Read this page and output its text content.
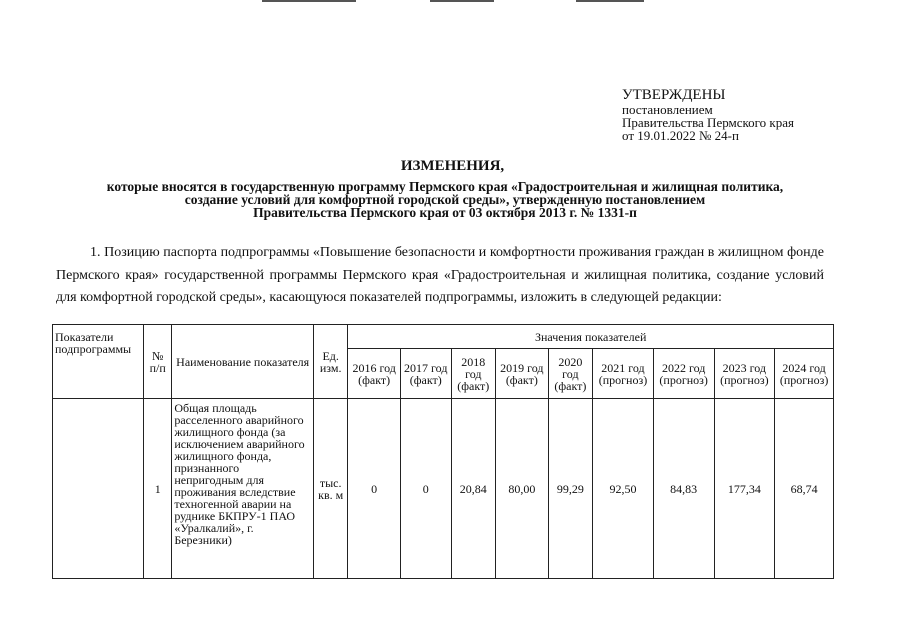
УТВЕРЖДЕНЫ
постановлением
Правительства Пермского края
от 19.01.2022 № 24-п
ИЗМЕНЕНИЯ,
которые вносятся в государственную программу Пермского края «Градостроительная и жилищная политика,
создание условий для комфортной городской среды», утвержденную постановлением
Правительства Пермского края от 03 октября 2013 г. № 1331-п
1. Позицию паспорта подпрограммы «Повышение безопасности и комфортности проживания граждан в жилищном фонде Пермского края» государственной программы Пермского края «Градостроительная и жилищная политика, создание условий для комфортной городской среды», касающуюся показателей подпрограммы, изложить в следующей редакции:
Показатели подпрограммы	№ п/п	Наименование показателя	Ед. изм.	Значения показателей								
				2016 год (факт)	2017 год (факт)	2018 год (факт)	2019 год (факт)	2020 год (факт)	2021 год (прогноз)	2022 год (прогноз)	2023 год (прогноз)	2024 год (прогноз)
	1	Общая площадь расселенного аварийного жилищного фонда (за исключением аварийного жилищного фонда, признанного непригодным для проживания вследствие техногенной аварии на руднике БКПРУ-1 ПАО «Уралкалий», г. Березники)	тыс. кв. м	0	0	20,84	80,00	99,29	92,50	84,83	177,34	68,74
